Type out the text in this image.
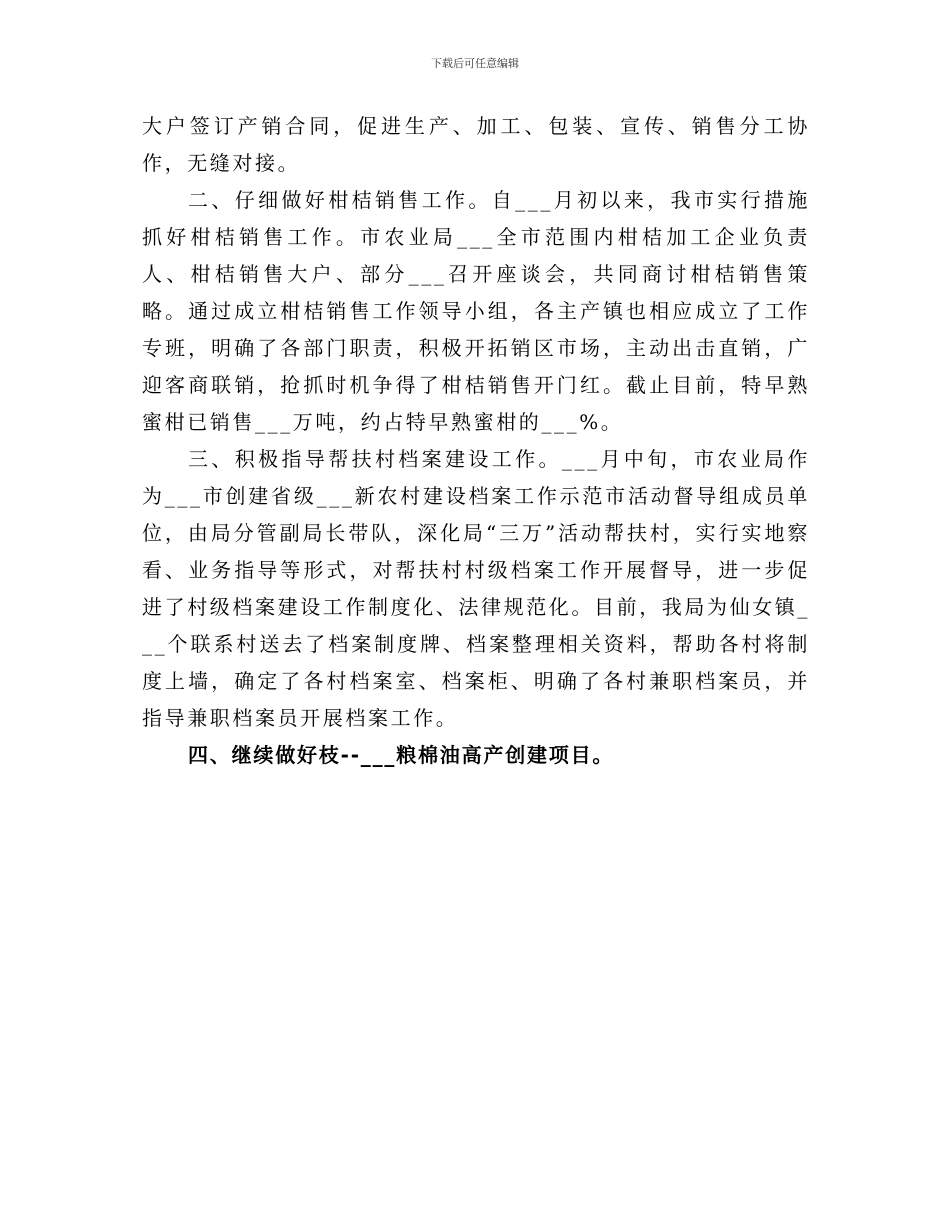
下载后可任意编辑

大户签订产销合同，促进生产、加工、包装、宣传、销售分工协作，无缝对接。

二、仔细做好柑桔销售工作。自___月初以来，我市实行措施抓好柑桔销售工作。市农业局___全市范围内柑桔加工企业负责人、柑桔销售大户、部分___召开座谈会，共同商讨柑桔销售策略。通过成立柑桔销售工作领导小组，各主产镇也相应成立了工作专班，明确了各部门职责，积极开拓销区市场，主动出击直销，广迎客商联销，抢抓时机争得了柑桔销售开门红。截止目前，特早熟蜜柑已销售___万吨，约占特早熟蜜柑的___%。

三、积极指导帮扶村档案建设工作。___月中旬，市农业局作为___市创建省级___新农村建设档案工作示范市活动督导组成员单位，由局分管副局长带队，深化局“三万”活动帮扶村，实行实地察看、业务指导等形式，对帮扶村村级档案工作开展督导，进一步促进了村级档案建设工作制度化、法律规范化。目前，我局为仙女镇___个联系村送去了档案制度牌、档案整理相关资料，帮助各村将制度上墙，确定了各村档案室、档案柜、明确了各村兼职档案员，并指导兼职档案员开展档案工作。

四、继续做好枝--___粮棉油高产创建项目。
